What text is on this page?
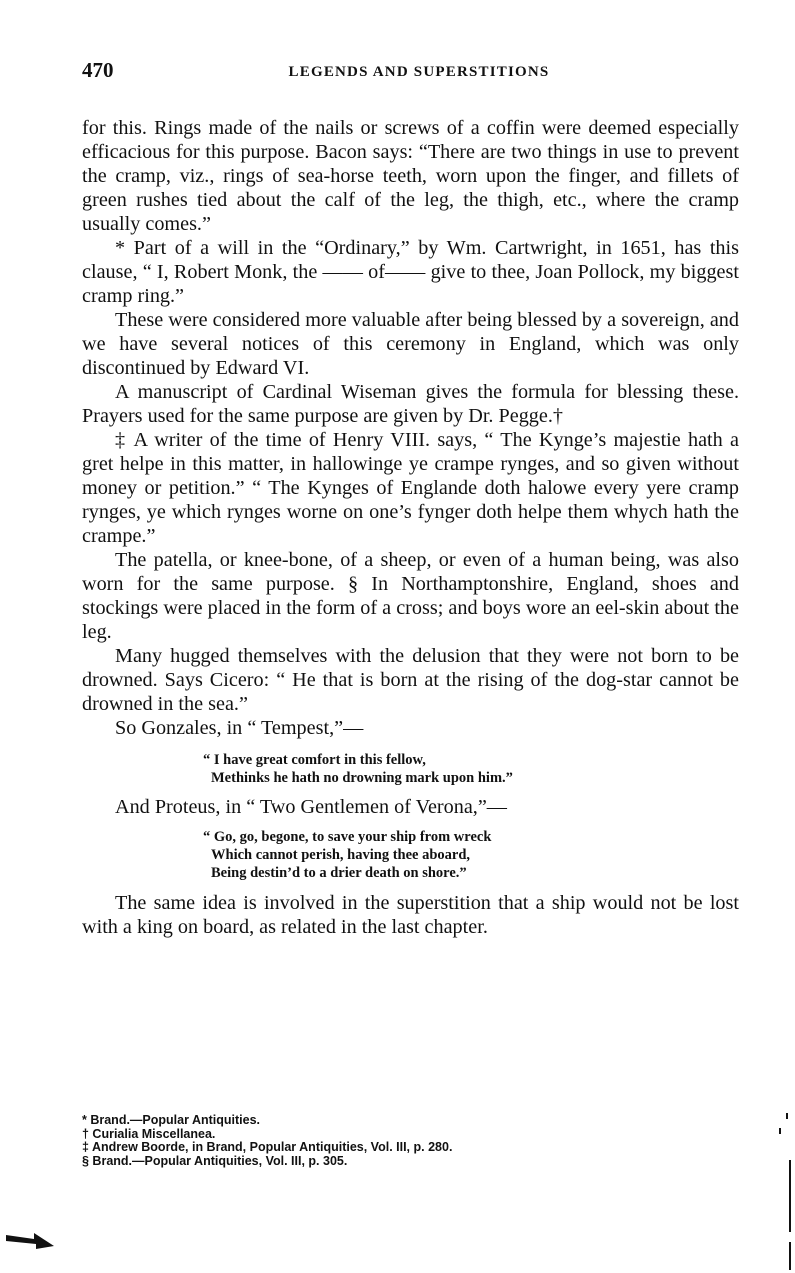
470	LEGENDS AND SUPERSTITIONS

for this. Rings made of the nails or screws of a coffin were deemed especially efficacious for this purpose. Bacon says: “There are two things in use to prevent the cramp, viz., rings of sea-horse teeth, worn upon the finger, and fillets of green rushes tied about the calf of the leg, the thigh, etc., where the cramp usually comes.”

* Part of a will in the “Ordinary,” by Wm. Cartwright, in 1651, has this clause, “ I, Robert Monk, the —— of—— give to thee, Joan Pollock, my biggest cramp ring.”

These were considered more valuable after being blessed by a sovereign, and we have several notices of this ceremony in England, which was only discontinued by Edward VI.

A manuscript of Cardinal Wiseman gives the formula for blessing these. Prayers used for the same purpose are given by Dr. Pegge.†

‡ A writer of the time of Henry VIII. says, “ The Kynge’s majestie hath a gret helpe in this matter, in hallowinge ye crampe rynges, and so given without money or petition.” “ The Kynges of Englande doth halowe every yere cramp rynges, ye which rynges worne on one’s fynger doth helpe them whych hath the crampe.”

The patella, or knee-bone, of a sheep, or even of a human being, was also worn for the same purpose. § In Northamptonshire, England, shoes and stockings were placed in the form of a cross; and boys wore an eel-skin about the leg.

Many hugged themselves with the delusion that they were not born to be drowned. Says Cicero: “ He that is born at the rising of the dog-star cannot be drowned in the sea.”

So Gonzales, in “ Tempest,”—

“ I have great comfort in this fellow,
Methinks he hath no drowning mark upon him.”

And Proteus, in “ Two Gentlemen of Verona,”—

“ Go, go, begone, to save your ship from wreck
Which cannot perish, having thee aboard,
Being destin’d to a drier death on shore.”

The same idea is involved in the superstition that a ship would not be lost with a king on board, as related in the last chapter.

* Brand.—Popular Antiquities.
† Curialia Miscellanea.
‡ Andrew Boorde, in Brand, Popular Antiquities, Vol. III, p. 280.
§ Brand.—Popular Antiquities, Vol. III, p. 305.
